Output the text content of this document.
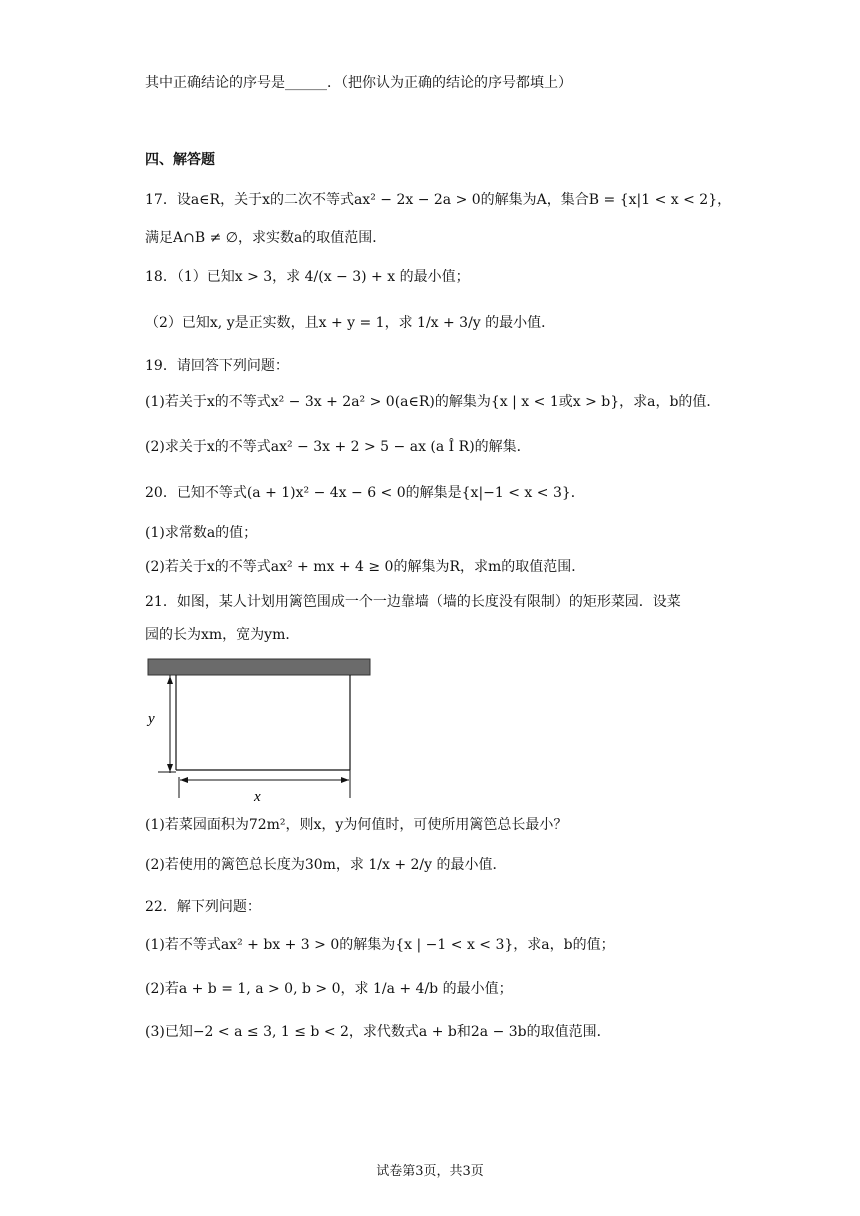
其中正确结论的序号是______．（把你认为正确的结论的序号都填上）
四、解答题
17．设a∈R，关于x的二次不等式ax² − 2x − 2a > 0的解集为A，集合B = {x|1 < x < 2}，
满足A∩B ≠ ∅，求实数a的取值范围．
18．（1）已知x > 3，求 4/(x − 3) + x 的最小值；
（2）已知x, y是正实数，且x + y = 1，求 1/x + 3/y 的最小值．
19．请回答下列问题：
(1)若关于x的不等式x² − 3x + 2a² > 0(a∈R)的解集为{x | x < 1或x > b}，求a，b的值．
(2)求关于x的不等式ax² − 3x + 2 > 5 − ax (a Î R)的解集．
20．已知不等式(a + 1)x² − 4x − 6 < 0的解集是{x|−1 < x < 3}．
(1)求常数a的值；
(2)若关于x的不等式ax² + mx + 4 ≥ 0的解集为R，求m的取值范围．
21．如图，某人计划用篱笆围成一个一边靠墙（墙的长度没有限制）的矩形菜园．设菜
园的长为xm，宽为ym．
y
x
(1)若菜园面积为72m²，则x，y为何值时，可使所用篱笆总长最小？
(2)若使用的篱笆总长度为30m，求 1/x + 2/y 的最小值．
22．解下列问题：
(1)若不等式ax² + bx + 3 > 0的解集为{x | −1 < x < 3}，求a，b的值；
(2)若a + b = 1, a > 0, b > 0，求 1/a + 4/b 的最小值；
(3)已知−2 < a ≤ 3, 1 ≤ b < 2，求代数式a + b和2a − 3b的取值范围．
试卷第3页，共3页
